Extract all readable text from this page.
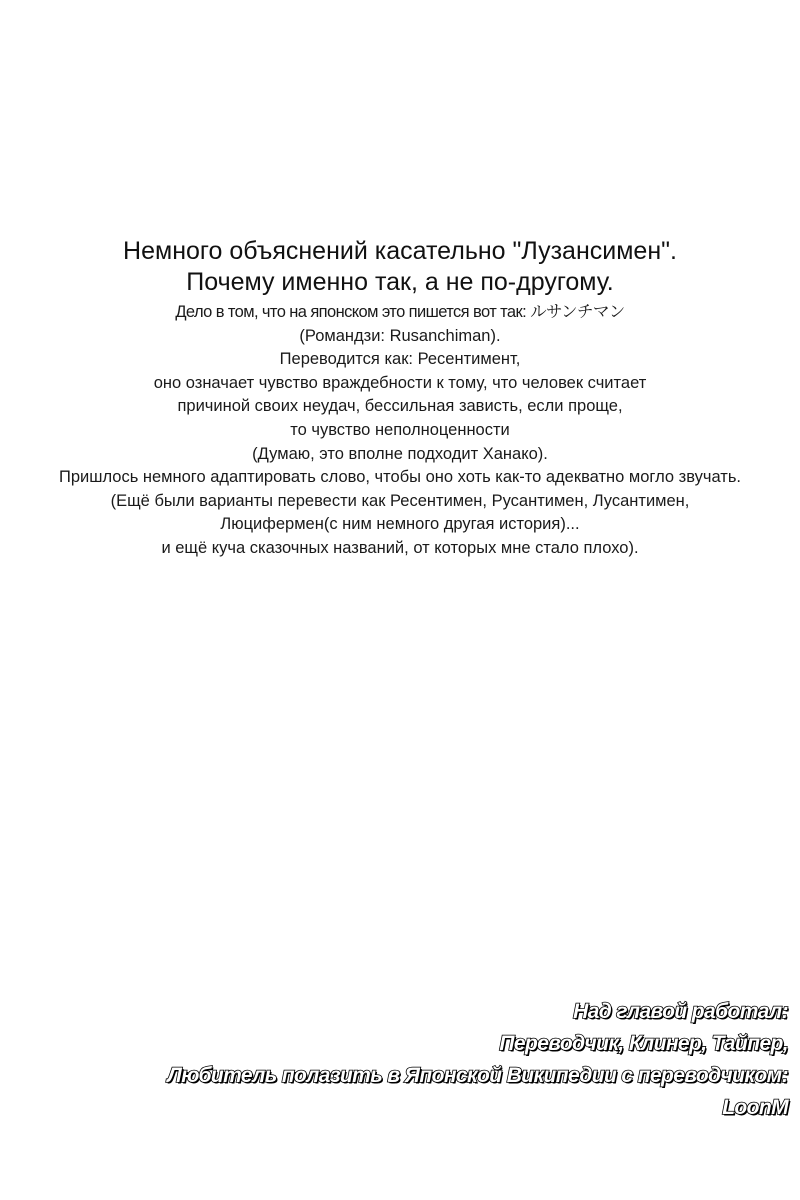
Немного объяснений касательно "Лузансимен".
Почему именно так, а не по-другому.
Дело в том, что на японском это пишется вот так: ルサンチマン
(Романдзи: Rusanchiman).
Переводится как: Ресентимент,
оно означает чувство враждебности к тому, что человек считает
причиной своих неудач, бессильная зависть, если проще,
то чувство неполноценности
(Думаю, это вполне подходит Ханако).
Пришлось немного адаптировать слово, чтобы оно хоть как-то адекватно могло звучать.
(Ещё были варианты перевести как Ресентимен, Русантимен, Лусантимен,
Люцифермен(с ним немного другая история)...
и ещё куча сказочных названий, от которых мне стало плохо).
Над главой работал:
Переводчик, Клинер, Тайпер,
Любитель полазить в Японской Википедии с переводчиком:
LoonM
